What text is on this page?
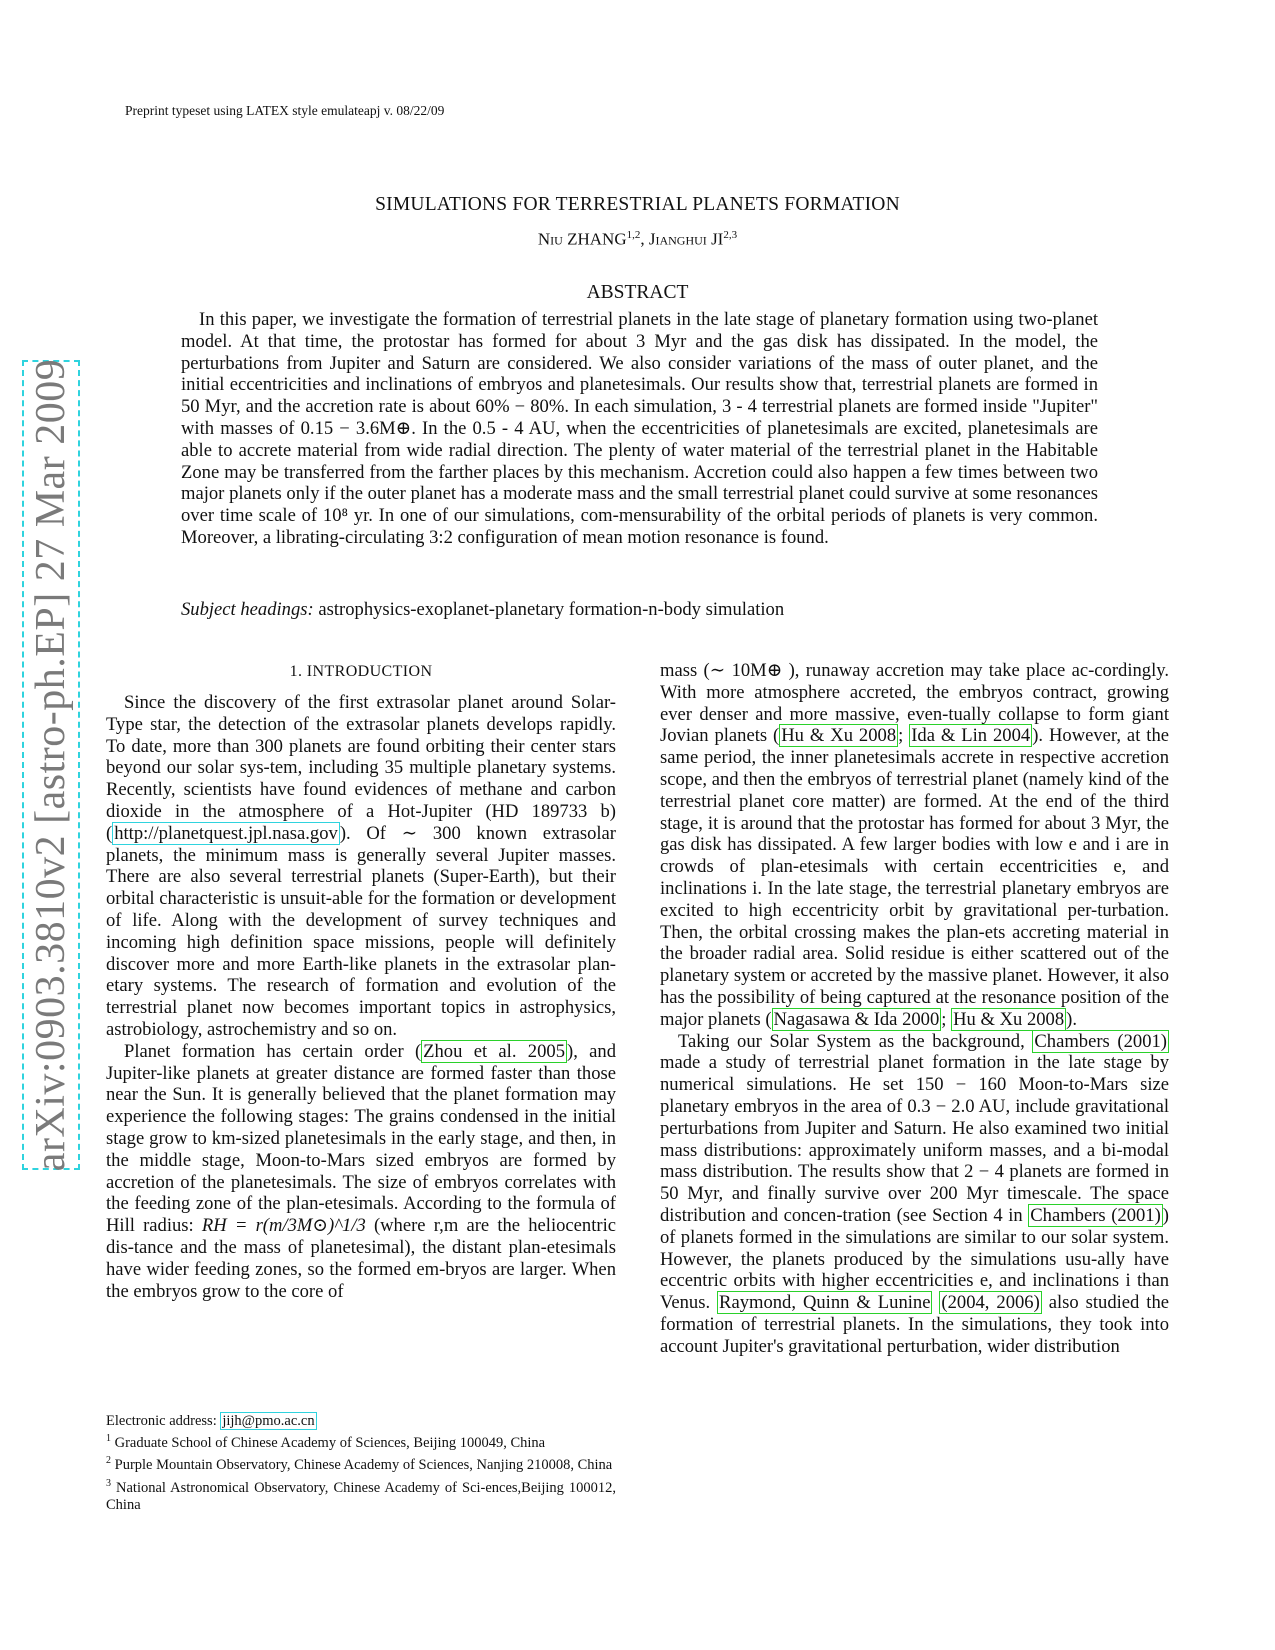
Preprint typeset using LATEX style emulateapj v. 08/22/09
arXiv:0903.3810v2 [astro-ph.EP] 27 Mar 2009
SIMULATIONS FOR TERRESTRIAL PLANETS FORMATION
Niu ZHANG$^{1,2}$, Jianghui JI$^{2,3}$
ABSTRACT

In this paper, we investigate the formation of terrestrial planets in the late stage of planetary formation using two-planet model. At that time, the protostar has formed for about 3 Myr and the gas disk has dissipated. In the model, the perturbations from Jupiter and Saturn are considered. We also consider variations of the mass of outer planet, and the initial eccentricities and inclinations of embryos and planetesimals. Our results show that, terrestrial planets are formed in 50 Myr, and the accretion rate is about 60% − 80%. In each simulation, 3 - 4 terrestrial planets are formed inside "Jupiter" with masses of 0.15 − 3.6M⊕. In the 0.5 - 4 AU, when the eccentricities of planetesimals are excited, planetesimals are able to accrete material from wide radial direction. The plenty of water material of the terrestrial planet in the Habitable Zone may be transferred from the farther places by this mechanism. Accretion could also happen a few times between two major planets only if the outer planet has a moderate mass and the small terrestrial planet could survive at some resonances over time scale of 10⁸ yr. In one of our simulations, com-mensurability of the orbital periods of planets is very common. Moreover, a librating-circulating 3:2 configuration of mean motion resonance is found.

Subject headings: astrophysics-exoplanet-planetary formation-n-body simulation

1. INTRODUCTION

Since the discovery of the first extrasolar planet around Solar-Type star, the detection of the extrasolar planets develops rapidly. To date, more than 300 planets are found orbiting their center stars beyond our solar sys-tem, including 35 multiple planetary systems. Recently, scientists have found evidences of methane and carbon dioxide in the atmosphere of a Hot-Jupiter (HD 189733 b) ( http://planetquest.jpl.nasa.gov ). Of ∼ 300 known extrasolar planets, the minimum mass is generally several Jupiter masses. There are also several terrestrial planets (Super-Earth), but their orbital characteristic is unsuit-able for the formation or development of life. Along with the development of survey techniques and incoming high definition space missions, people will definitely discover more and more Earth-like planets in the extrasolar plan-etary systems. The research of formation and evolution of the terrestrial planet now becomes important topics in astrophysics, astrobiology, astrochemistry and so on.

Planet formation has certain order ( Zhou et al. 2005 ), and Jupiter-like planets at greater distance are formed faster than those near the Sun. It is generally believed that the planet formation may experience the following stages: The grains condensed in the initial stage grow to km-sized planetesimals in the early stage, and then, in the middle stage, Moon-to-Mars sized embryos are formed by accretion of the planetesimals. The size of embryos correlates with the feeding zone of the plan-etesimals. According to the formula of Hill radius: RH = r(m/3M⊙)^1/3 (where r,m are the heliocentric dis-tance and the mass of planetesimal), the distant plan-etesimals have wider feeding zones, so the formed em-bryos are larger. When the embryos grow to the core of

mass (∼ 10M⊕ ), runaway accretion may take place ac-cordingly. With more atmosphere accreted, the embryos contract, growing ever denser and more massive, even-tually collapse to form giant Jovian planets ( Hu & Xu 2008 ; Ida & Lin 2004 ). However, at the same period, the inner planetesimals accrete in respective accretion scope, and then the embryos of terrestrial planet (namely kind of the terrestrial planet core matter) are formed. At the end of the third stage, it is around that the protostar has formed for about 3 Myr, the gas disk has dissipated. A few larger bodies with low e and i are in crowds of plan-etesimals with certain eccentricities e, and inclinations i. In the late stage, the terrestrial planetary embryos are excited to high eccentricity orbit by gravitational per-turbation. Then, the orbital crossing makes the plan-ets accreting material in the broader radial area. Solid residue is either scattered out of the planetary system or accreted by the massive planet. However, it also has the possibility of being captured at the resonance position of the major planets ( Nagasawa & Ida 2000 ; Hu & Xu 2008 ).

Taking our Solar System as the background, Chambers (2001) made a study of terrestrial planet formation in the late stage by numerical simulations. He set 150 − 160 Moon-to-Mars size planetary embryos in the area of 0.3 − 2.0 AU, include gravitational perturbations from Jupiter and Saturn. He also examined two initial mass distributions: approximately uniform masses, and a bi-modal mass distribution. The results show that 2 − 4 planets are formed in 50 Myr, and finally survive over 200 Myr timescale. The space distribution and concen-tration (see Section 4 in Chambers (2001) ) of planets formed in the simulations are similar to our solar system. However, the planets produced by the simulations usu-ally have eccentric orbits with higher eccentricities e, and inclinations i than Venus. Raymond, Quinn & Lunine (2004, 2006) also studied the formation of terrestrial planets. In the simulations, they took into account Jupiter's gravitational perturbation, wider distribution

Electronic address: jijh@pmo.ac.cn

$^1$ Graduate School of Chinese Academy of Sciences, Beijing 100049, China

$^2$ Purple Mountain Observatory, Chinese Academy of Sciences, Nanjing 210008, China

$^3$ National Astronomical Observatory, Chinese Academy of Sci-ences,Beijing 100012, China
